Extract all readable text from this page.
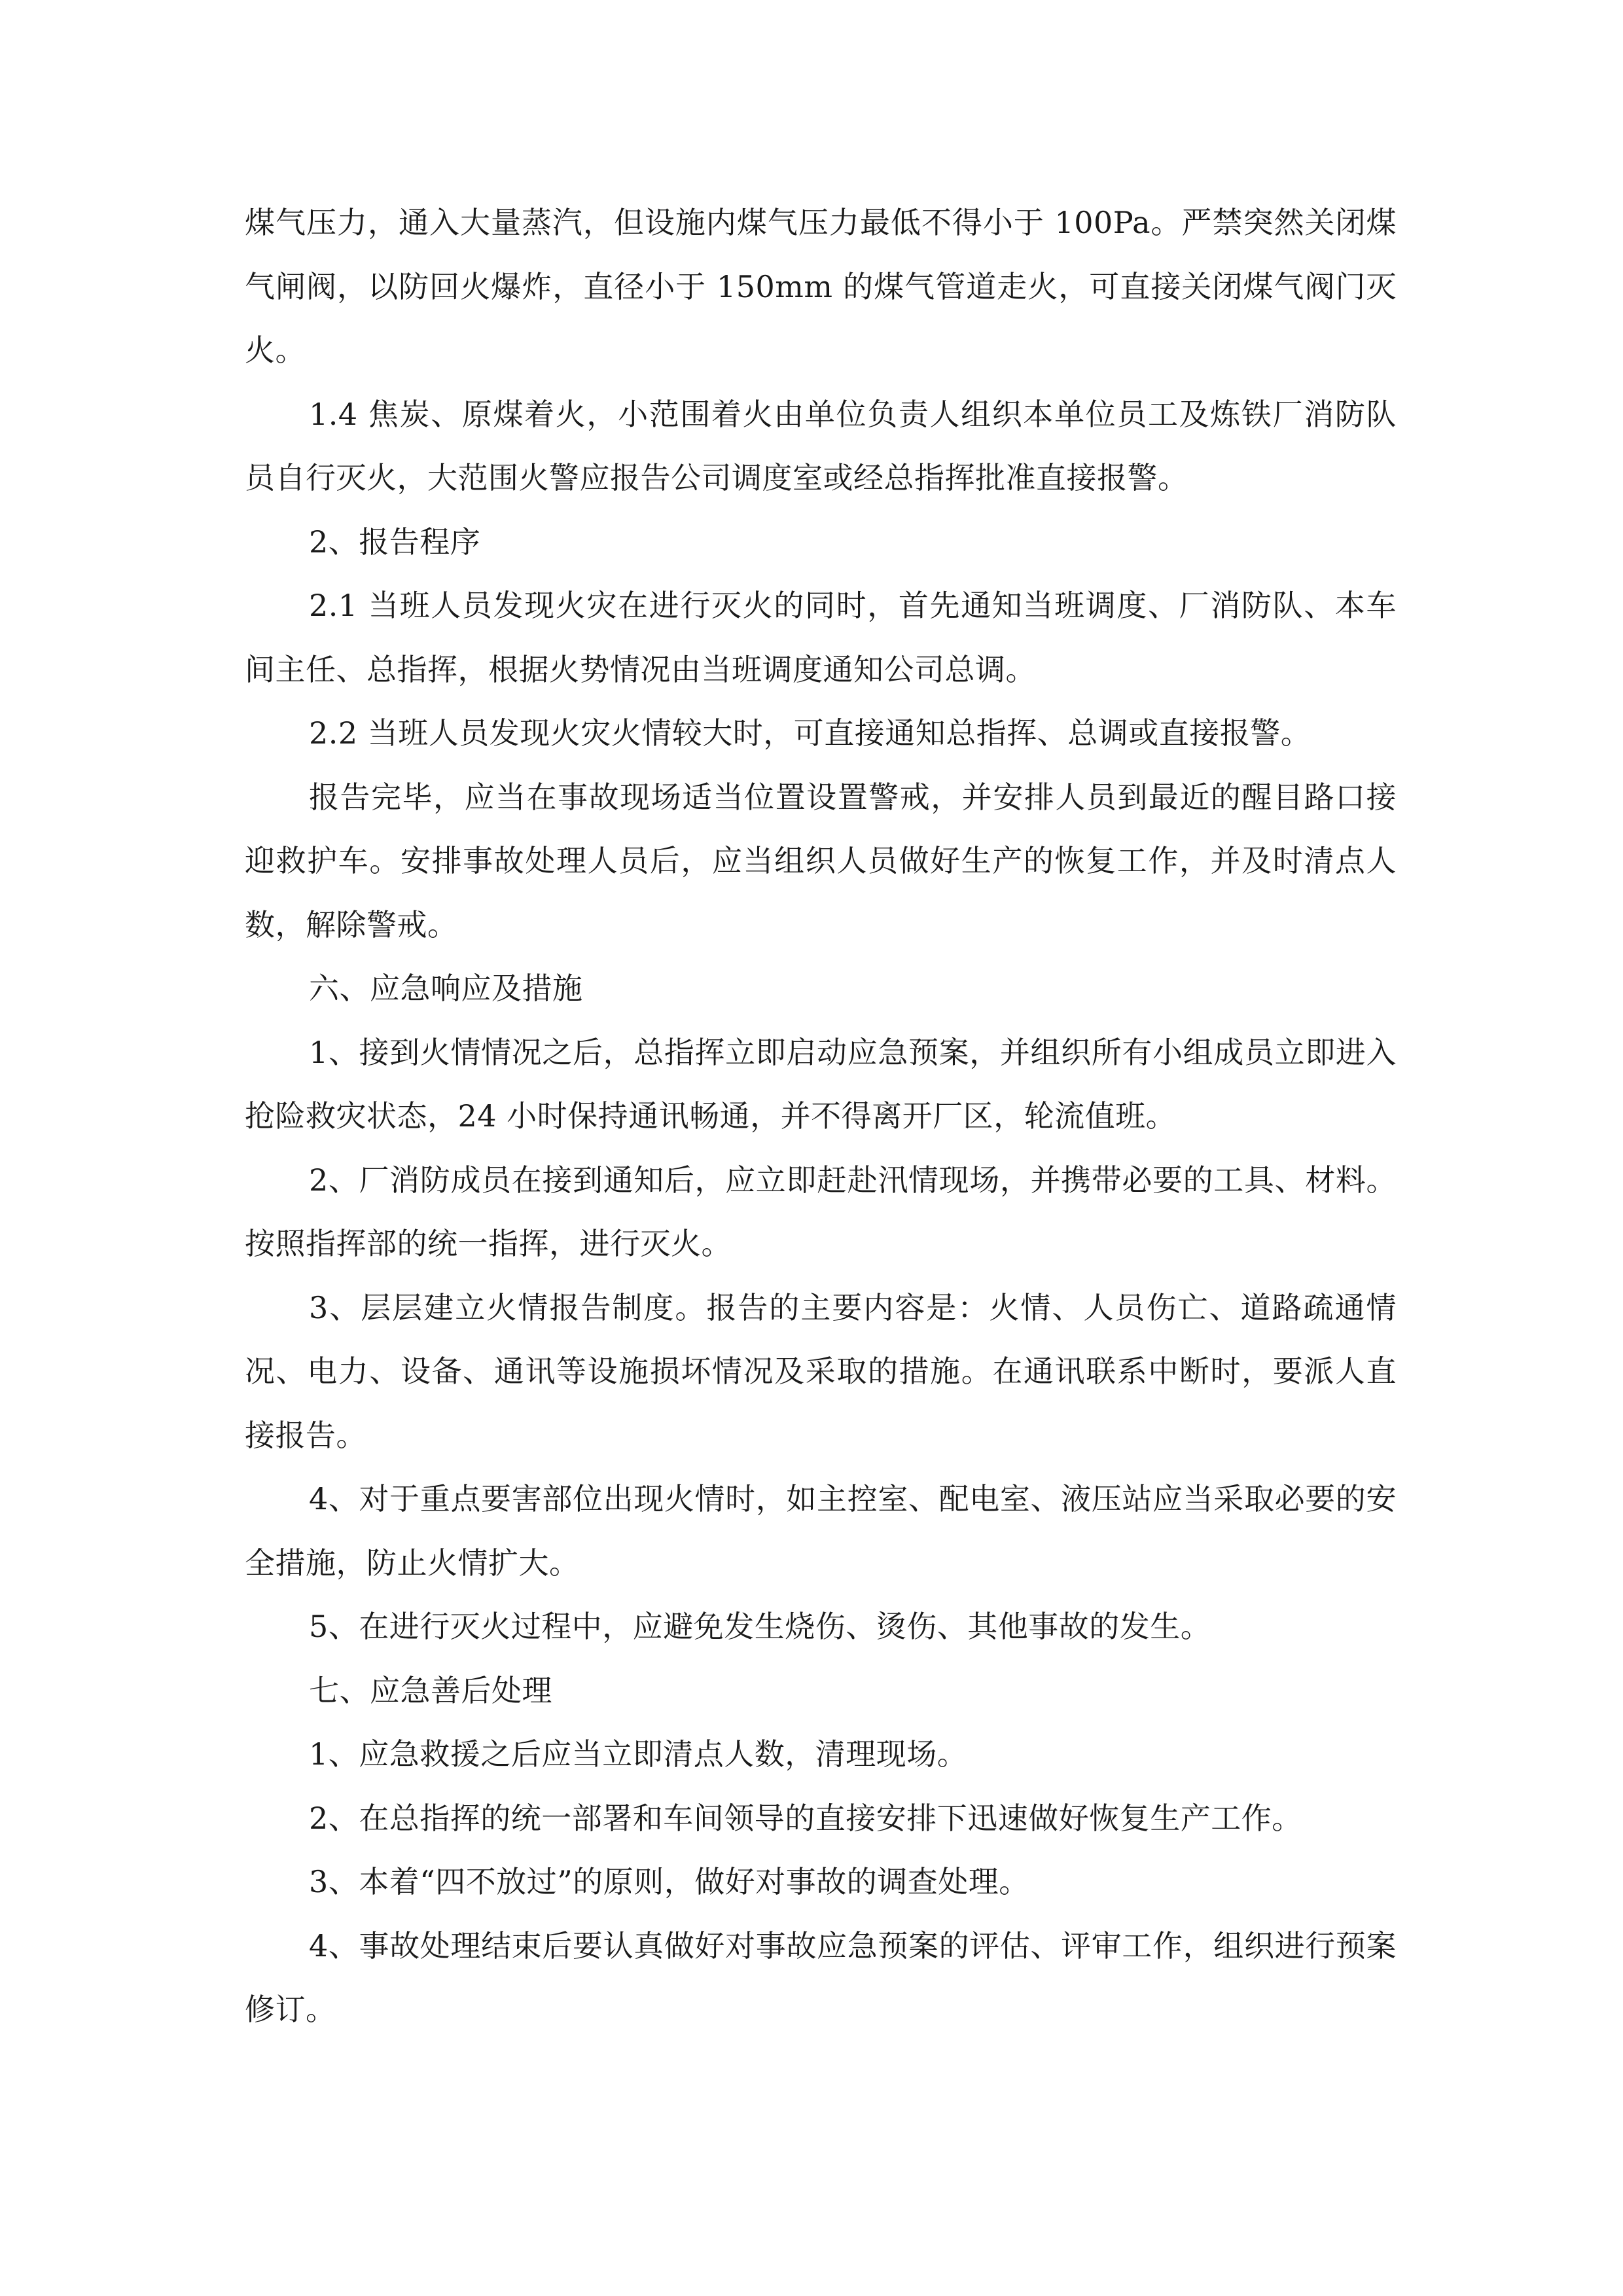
煤气压力，通入大量蒸汽，但设施内煤气压力最低不得小于 100Pa。严禁突然关闭煤气闸阀，以防回火爆炸，直径小于 150mm 的煤气管道走火，可直接关闭煤气阀门灭火。

1.4 焦炭、原煤着火，小范围着火由单位负责人组织本单位员工及炼铁厂消防队员自行灭火，大范围火警应报告公司调度室或经总指挥批准直接报警。

2、报告程序

2.1 当班人员发现火灾在进行灭火的同时，首先通知当班调度、厂消防队、本车间主任、总指挥，根据火势情况由当班调度通知公司总调。

2.2 当班人员发现火灾火情较大时，可直接通知总指挥、总调或直接报警。

报告完毕，应当在事故现场适当位置设置警戒，并安排人员到最近的醒目路口接迎救护车。安排事故处理人员后，应当组织人员做好生产的恢复工作，并及时清点人数，解除警戒。

六、应急响应及措施

1、接到火情情况之后，总指挥立即启动应急预案，并组织所有小组成员立即进入抢险救灾状态，24 小时保持通讯畅通，并不得离开厂区，轮流值班。

2、厂消防成员在接到通知后，应立即赶赴汛情现场，并携带必要的工具、材料。按照指挥部的统一指挥，进行灭火。

3、层层建立火情报告制度。报告的主要内容是：火情、人员伤亡、道路疏通情况、电力、设备、通讯等设施损坏情况及采取的措施。在通讯联系中断时，要派人直接报告。

4、对于重点要害部位出现火情时，如主控室、配电室、液压站应当采取必要的安全措施，防止火情扩大。

5、在进行灭火过程中，应避免发生烧伤、烫伤、其他事故的发生。

七、应急善后处理

1、应急救援之后应当立即清点人数，清理现场。

2、在总指挥的统一部署和车间领导的直接安排下迅速做好恢复生产工作。

3、本着“四不放过”的原则，做好对事故的调查处理。

4、事故处理结束后要认真做好对事故应急预案的评估、评审工作，组织进行预案修订。
